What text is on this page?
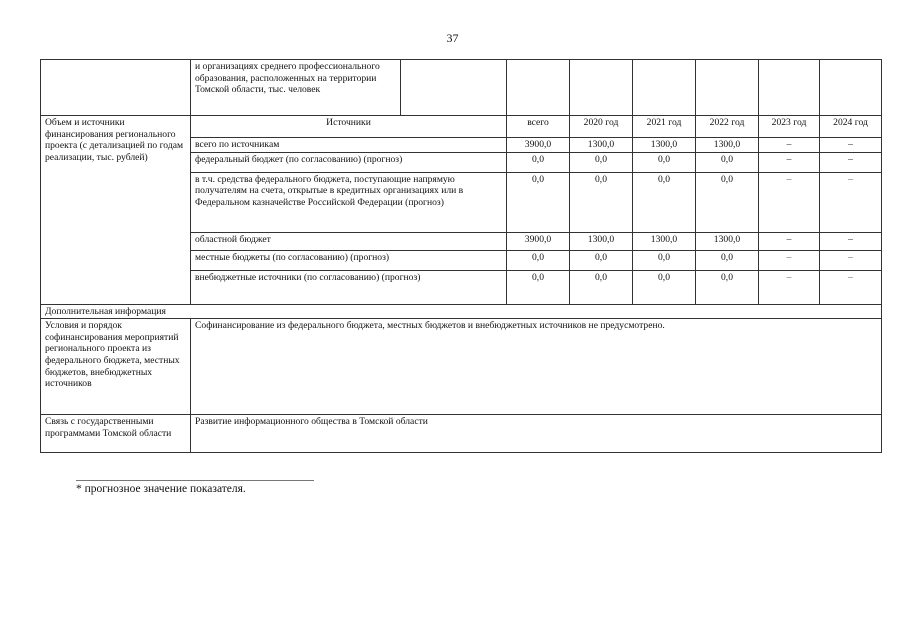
37
	и организациях среднего профессионального образования, расположенных на территории Томской области, тыс. человек							
Объем и источники финансирования регионального проекта (с детализацией по годам реализации, тыс. рублей)	Источники		всего	2020 год	2021 год	2022 год	2023 год	2024 год
	всего по источникам		3900,0	1300,0	1300,0	1300,0	–	–
	федеральный бюджет (по согласованию) (прогноз)		0,0	0,0	0,0	0,0	–	–
	в т.ч. средства федерального бюджета, поступающие напрямую получателям на счета, открытые в кредитных организациях или в Федеральном казначействе Российской Федерации (прогноз)		0,0	0,0	0,0	0,0	–	–
	областной бюджет		3900,0	1300,0	1300,0	1300,0	–	–
	местные бюджеты (по согласованию) (прогноз)		0,0	0,0	0,0	0,0	–	–
	внебюджетные источники (по согласованию) (прогноз)		0,0	0,0	0,0	0,0	–	–
Дополнительная информация								
Условия и порядок софинансирования мероприятий регионального проекта из федерального бюджета, местных бюджетов, внебюджетных источников	Софинансирование из федерального бюджета, местных бюджетов и внебюджетных источников не предусмотрено.							
Связь с государственными программами Томской области	Развитие информационного общества в Томской области							
* прогнозное значение показателя.
